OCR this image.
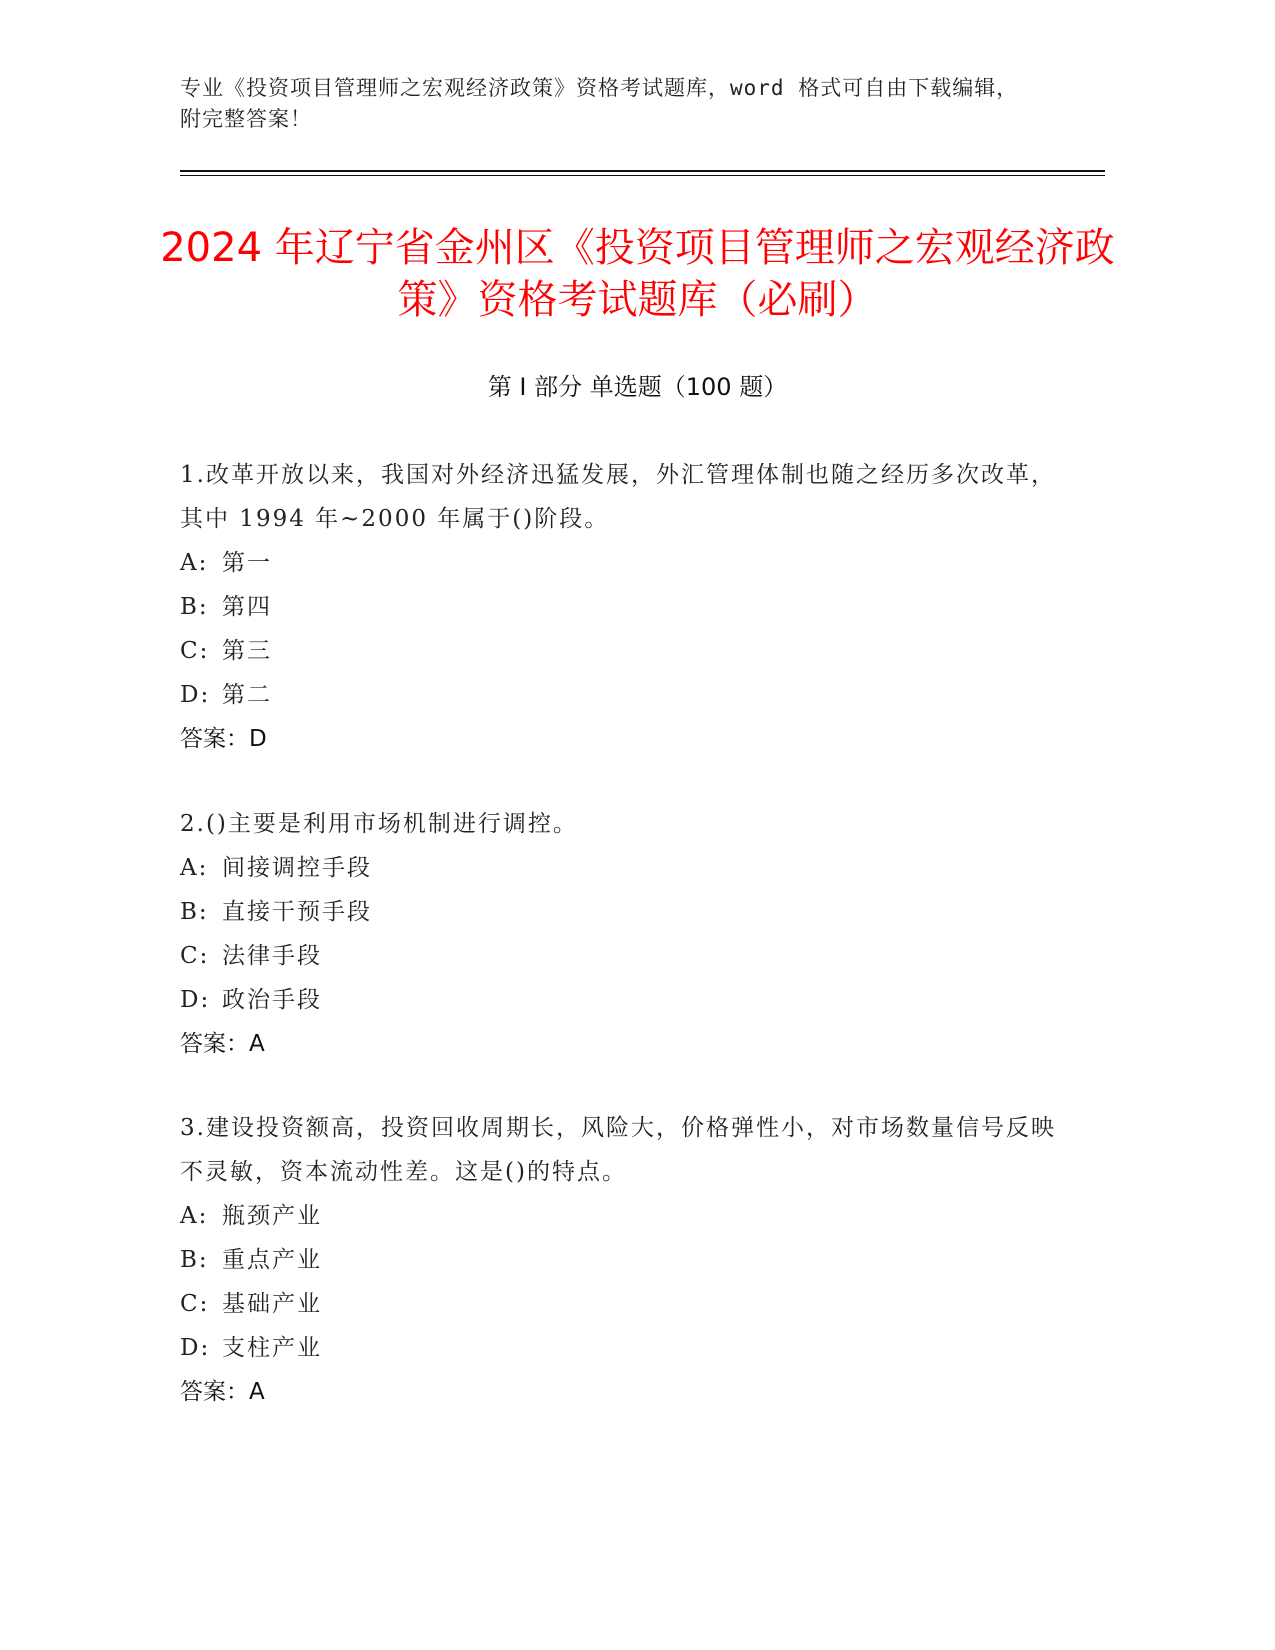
专业《投资项目管理师之宏观经济政策》资格考试题库，word 格式可自由下载编辑，附完整答案！
2024 年辽宁省金州区《投资项目管理师之宏观经济政策》资格考试题库（必刷）
第 I 部分 单选题（100 题）
1.改革开放以来，我国对外经济迅猛发展，外汇管理体制也随之经历多次改革，其中 1994 年~2000 年属于()阶段。
A: 第一
B: 第四
C: 第三
D: 第二
答案：D
2.()主要是利用市场机制进行调控。
A: 间接调控手段
B: 直接干预手段
C: 法律手段
D: 政治手段
答案：A
3.建设投资额高，投资回收周期长，风险大，价格弹性小，对市场数量信号反映不灵敏，资本流动性差。这是()的特点。
A: 瓶颈产业
B: 重点产业
C: 基础产业
D: 支柱产业
答案：A
